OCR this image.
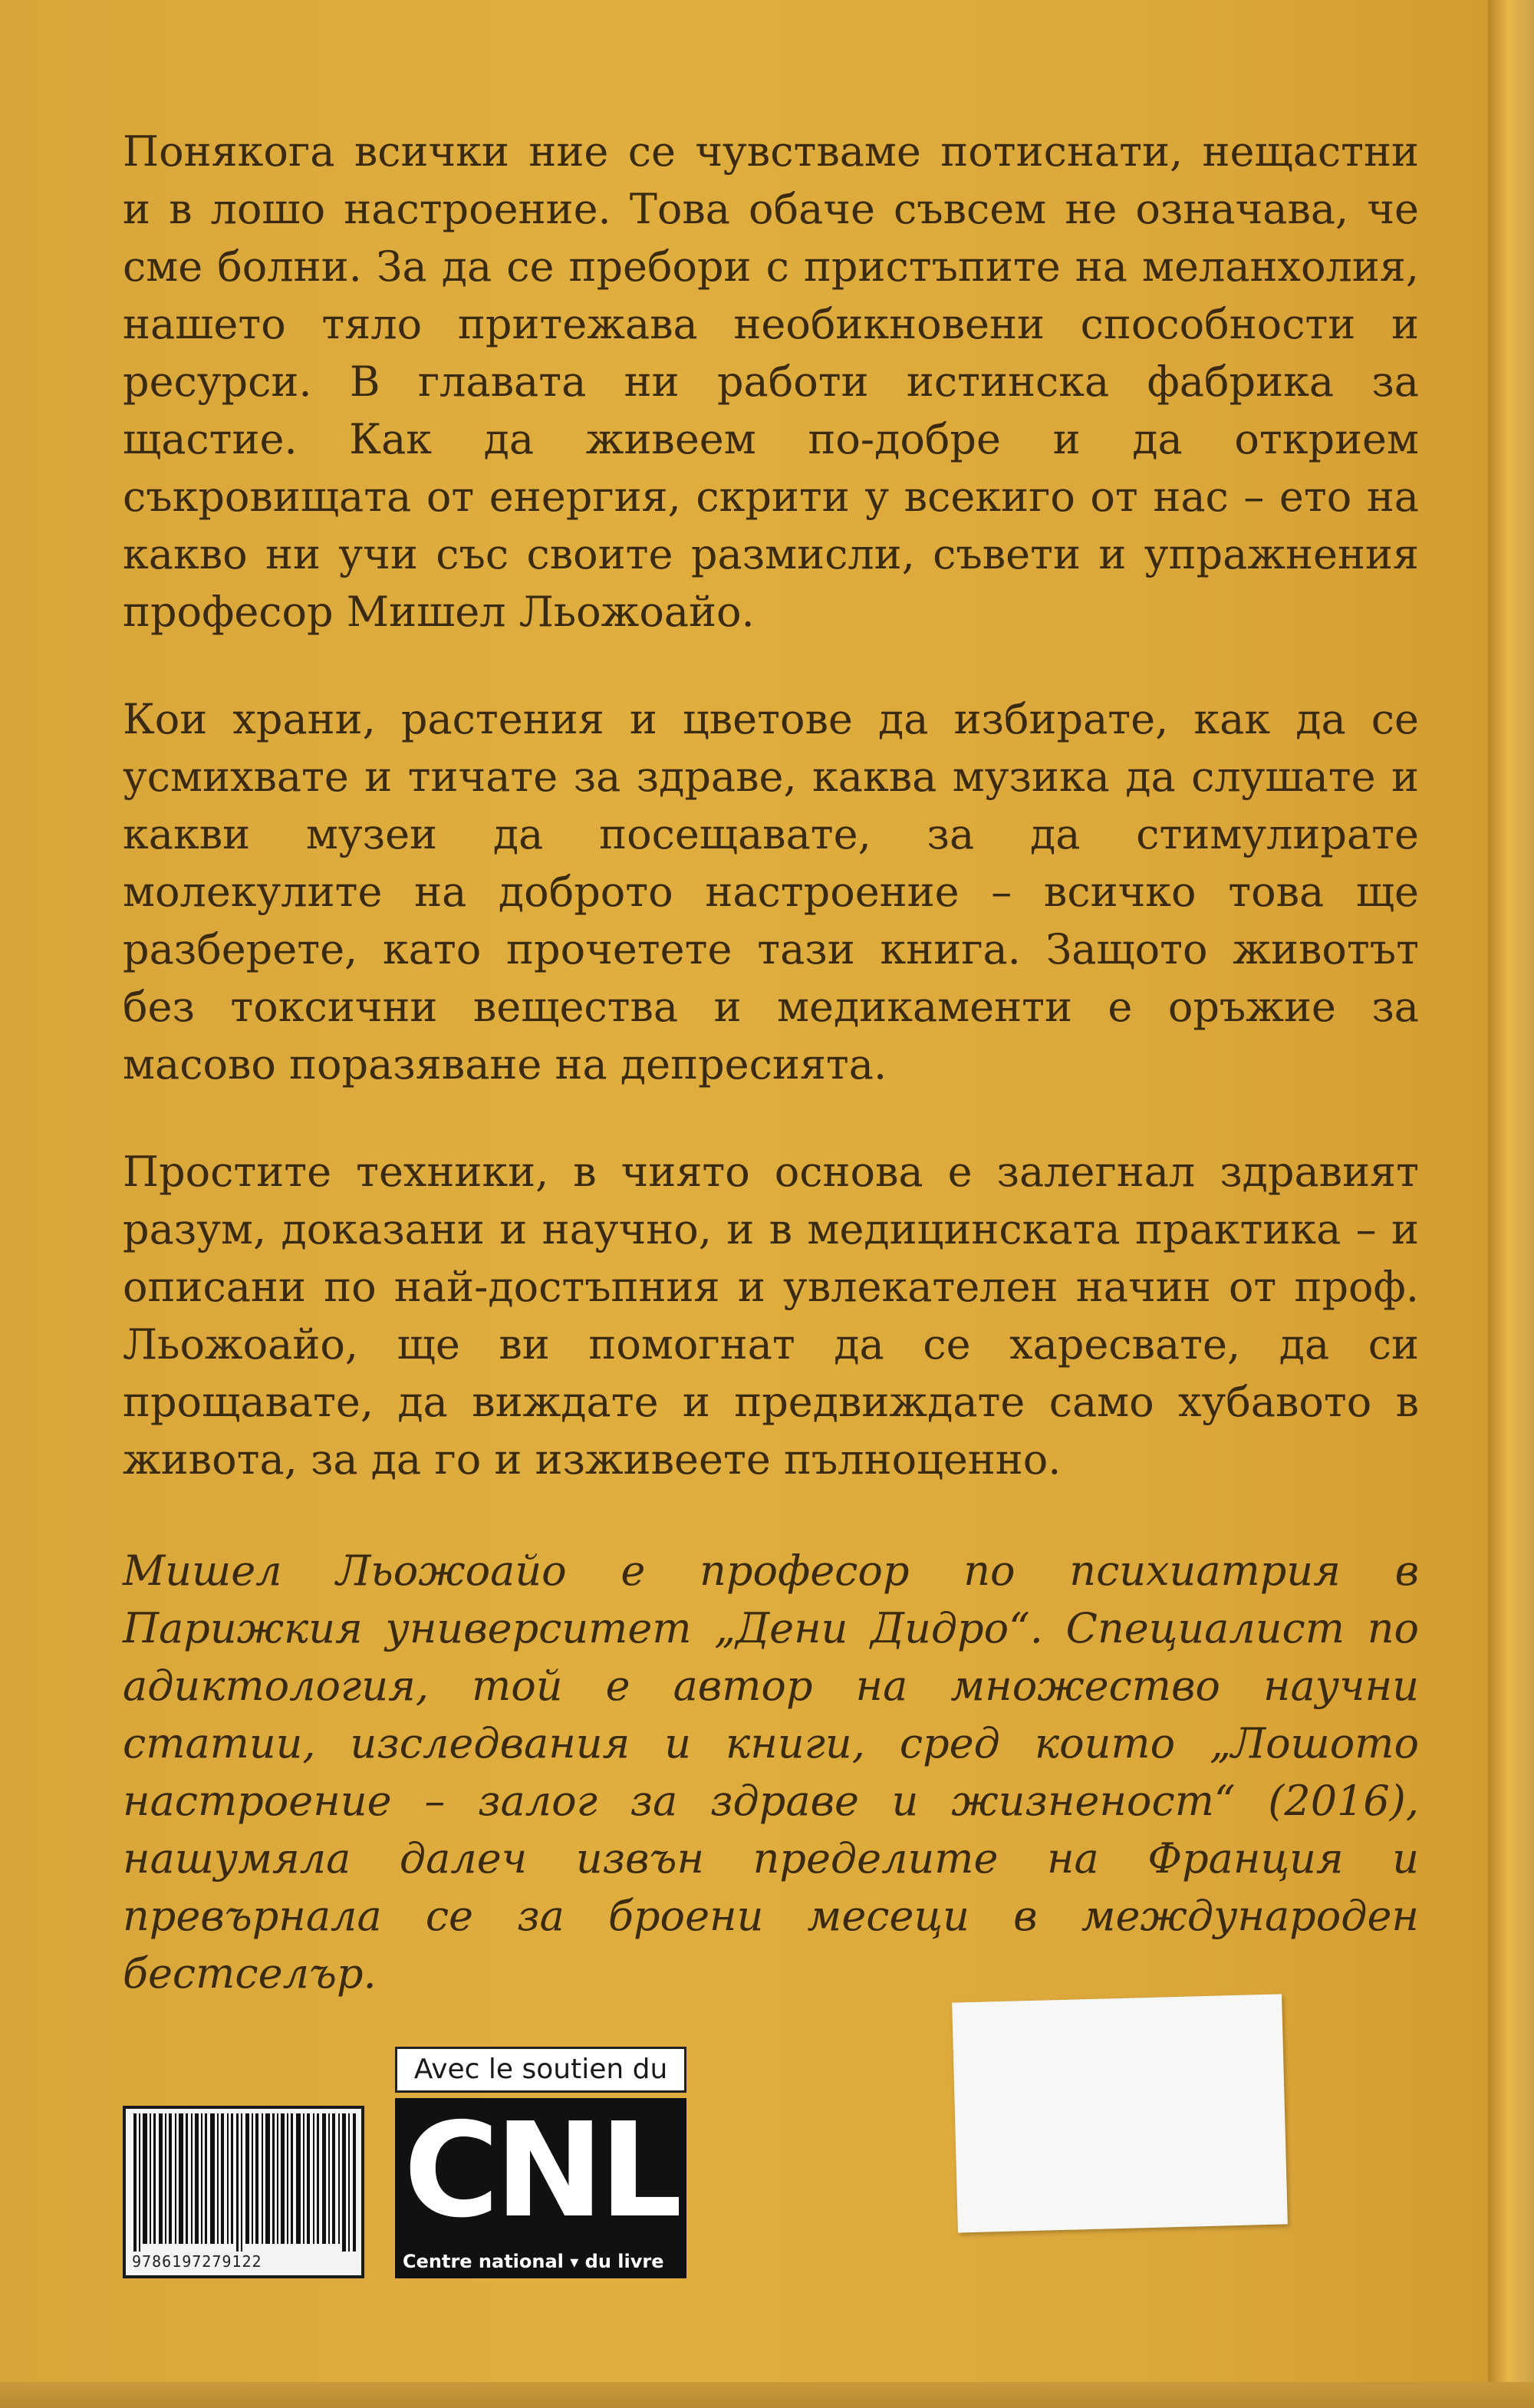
Понякога всички ние се чувстваме потиснати, нещастни и в лошо настроение. Това обаче съвсем не означава, че сме болни. За да се пребори с пристъпите на меланхолия, нашето тяло притежава необикновени способности и ресурси. В главата ни работи истинска фабрика за щастие. Как да живеем по-добре и да открием съкровищата от енергия, скрити у всекиго от нас – ето на какво ни учи със своите размисли, съвети и упражнения професор Мишел Льожоайо.

Кои храни, растения и цветове да избирате, как да се усмихвате и тичате за здраве, каква музика да слушате и какви музеи да посещавате, за да стимулирате молекулите на доброто настроение – всичко това ще разберете, като прочетете тази книга. Защото животът без токсични вещества и медикаменти е оръжие за масово поразяване на депресията.

Простите техники, в чиято основа е залегнал здравият разум, доказани и научно, и в медицинската практика – и описани по най-достъпния и увлекателен начин от проф. Льожоайо, ще ви помогнат да се харесвате, да си прощавате, да виждате и предвиждате само хубавото в живота, за да го и изживеете пълноценно.

Мишел Льожоайо е професор по психиатрия в Парижкия университет „Дени Дидро“. Специалист по адиктология, той е автор на множество научни статии, изследвания и книги, сред които „Лошото настроение – залог за здраве и жизненост“ (2016), нашумяла далеч извън пределите на Франция и превърнала се за броени месеци в международен бестселър.

9786197279122
Avec le soutien du
CNL
Centre national ▾ du livre
